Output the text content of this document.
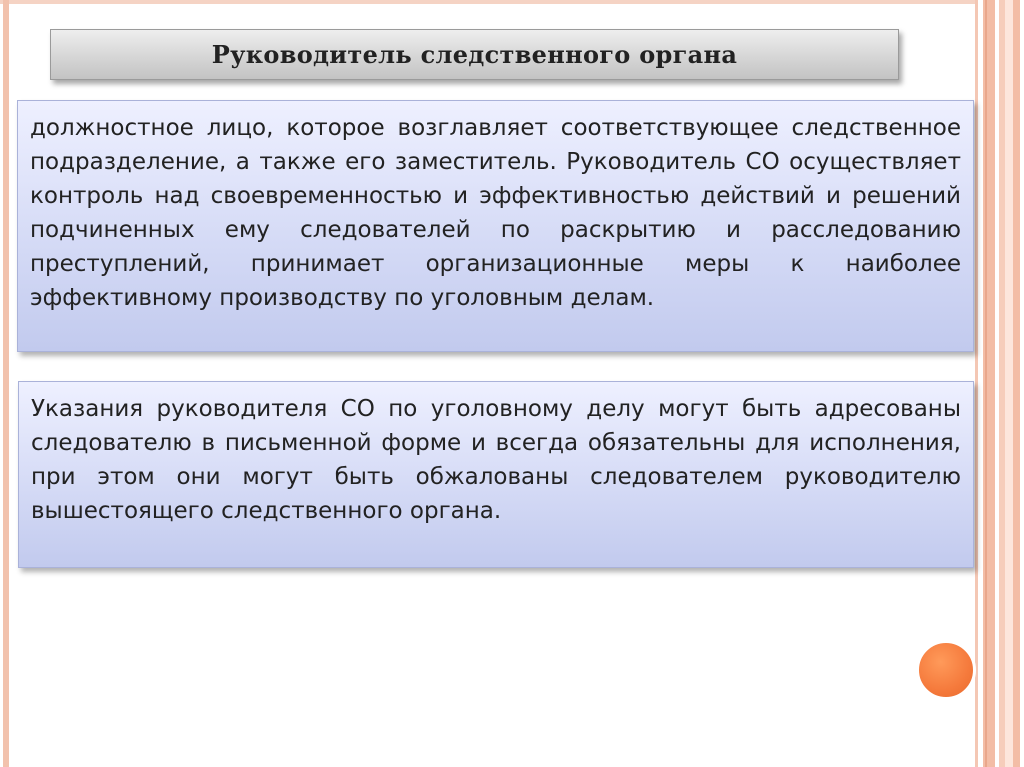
Руководитель следственного органа

должностное лицо, которое возглавляет соответствующее следственное подразделение, а также его заместитель. Руководитель СО осуществляет контроль над своевременностью и эффективностью действий и решений подчиненных ему следователей по раскрытию и расследованию преступлений, принимает организационные меры к наиболее эффективному производству по уголовным делам.

Указания руководителя СО по уголовному делу могут быть адресованы следователю в письменной форме и всегда обязательны для исполнения, при этом они могут быть обжалованы следователем руководителю вышестоящего следственного органа.
